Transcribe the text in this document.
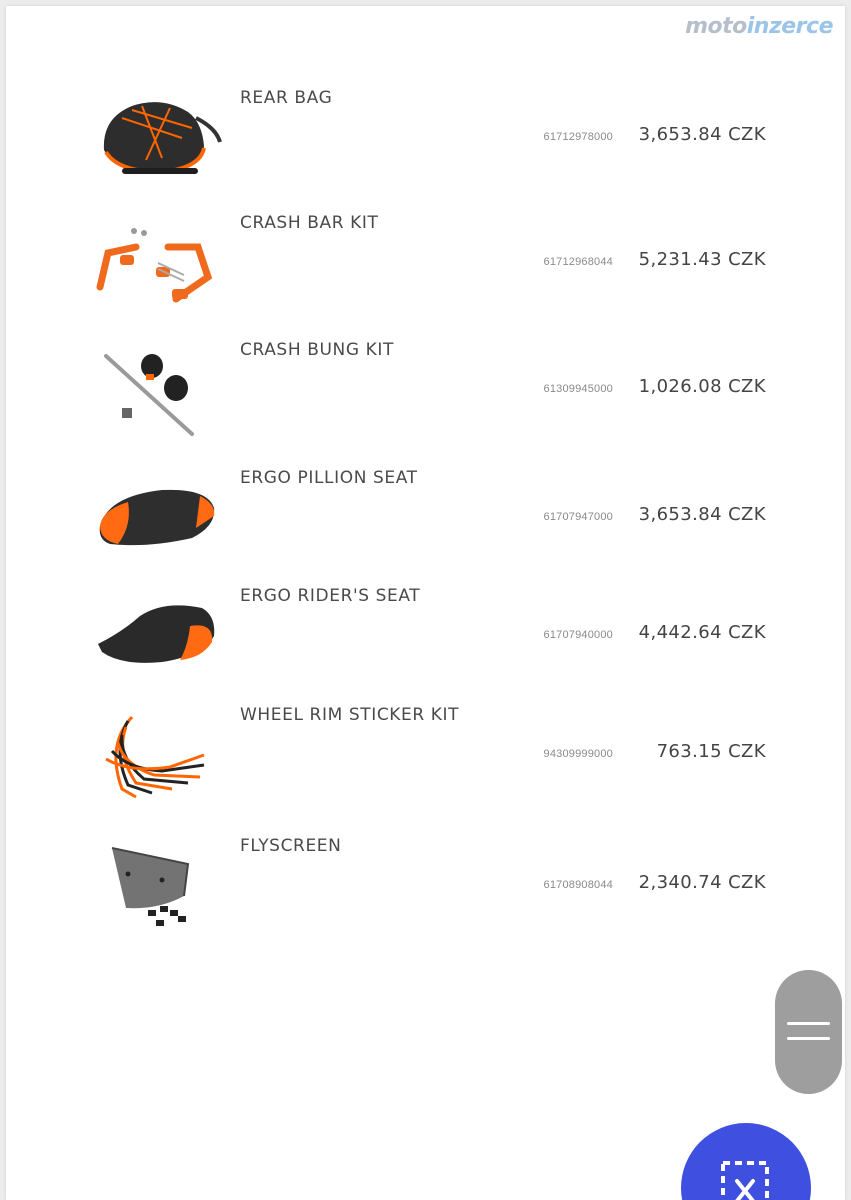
motoinzerce
REAR BAG
61712978000	3,653.84 CZK
CRASH BAR KIT
61712968044	5,231.43 CZK
CRASH BUNG KIT
61309945000	1,026.08 CZK
ERGO PILLION SEAT
61707947000	3,653.84 CZK
ERGO RIDER'S SEAT
61707940000	4,442.64 CZK
WHEEL RIM STICKER KIT
94309999000	763.15 CZK
FLYSCREEN
61708908044	2,340.74 CZK
